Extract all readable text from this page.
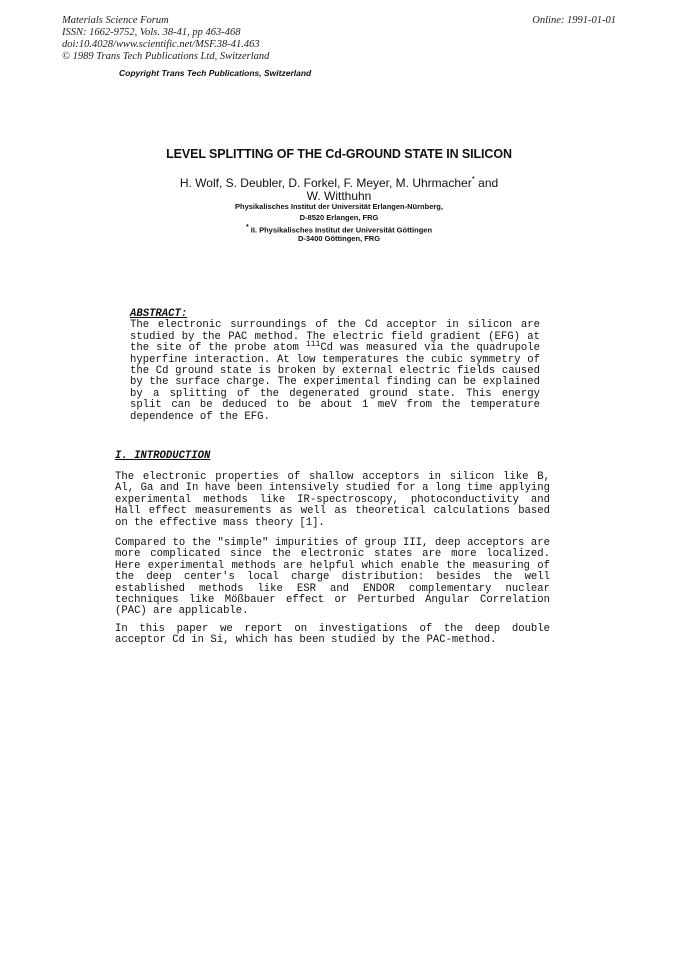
Materials Science Forum
ISSN: 1662-9752, Vols. 38-41, pp 463-468
doi:10.4028/www.scientific.net/MSF.38-41.463
© 1989 Trans Tech Publications Ltd, Switzerland
Online: 1991-01-01
Copyright Trans Tech Publications, Switzerland
LEVEL SPLITTING OF THE Cd-GROUND STATE IN SILICON
H. Wolf, S. Deubler, D. Forkel, F. Meyer, M. Uhrmacher* and
W. Witthuhn
Physikalisches Institut der Universität Erlangen-Nürnberg,
D-8520 Erlangen, FRG
* II. Physikalisches Institut der Universität Göttingen
D-3400 Göttingen, FRG
ABSTRACT:

The electronic surroundings of the Cd acceptor in silicon are studied by the PAC method. The electric field gradient (EFG) at the site of the probe atom $^{111}$Cd was measured via the quadrupole hyperfine interaction. At low temperatures the cubic symmetry of the Cd ground state is broken by external electric fields caused by the surface charge. The experimental finding can be explained by a splitting of the degenerated ground state. This energy split can be deduced to be about 1 meV from the temperature dependence of the EFG.

I. INTRODUCTION

The electronic properties of shallow acceptors in silicon like B, Al, Ga and In have been intensively studied for a long time applying experimental methods like IR-spectroscopy, photoconductivity and Hall effect measurements as well as theoretical calculations based on the effective mass theory [1].

Compared to the "simple" impurities of group III, deep acceptors are more complicated since the electronic states are more localized. Here experimental methods are helpful which enable the measuring of the deep center's local charge distribution: besides the well established methods like ESR and ENDOR complementary nuclear techniques like Mößbauer effect or Perturbed Angular Correlation (PAC) are applicable.

In this paper we report on investigations of the deep double acceptor Cd in Si, which has been studied by the PAC-method.
